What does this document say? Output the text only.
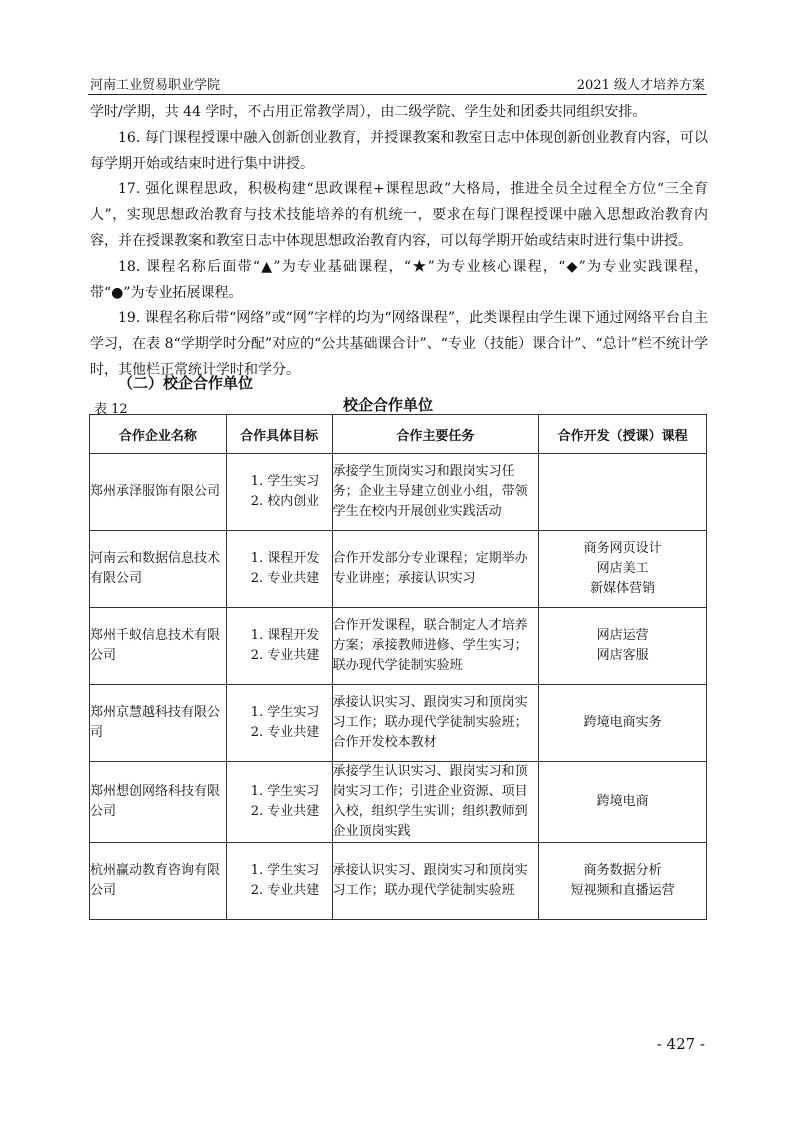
河南工业贸易职业学院	2021 级人才培养方案

学时/学期，共 44 学时，不占用正常教学周），由二级学院、学生处和团委共同组织安排。

16. 每门课程授课中融入创新创业教育，并授课教案和教室日志中体现创新创业教育内容，可以每学期开始或结束时进行集中讲授。

17. 强化课程思政，积极构建“思政课程+课程思政”大格局，推进全员全过程全方位“三全育人”，实现思想政治教育与技术技能培养的有机统一，要求在每门课程授课中融入思想政治教育内容，并在授课教案和教室日志中体现思想政治教育内容，可以每学期开始或结束时进行集中讲授。

18. 课程名称后面带“▲”为专业基础课程，“★”为专业核心课程，“◆”为专业实践课程，带“●”为专业拓展课程。

19. 课程名称后带“网络”或“网”字样的均为“网络课程”，此类课程由学生课下通过网络平台自主学习，在表 8“学期学时分配”对应的“公共基础课合计”、“专业（技能）课合计”、“总计”栏不统计学时，其他栏正常统计学时和学分。

（二）校企合作单位
表 12	校企合作单位
合作企业名称	合作具体目标	合作主要任务	合作开发（授课）课程
郑州承泽服饰有限公司	1. 学生实习
2. 校内创业	承接学生顶岗实习和跟岗实习任务；企业主导建立创业小组，带领学生在校内开展创业实践活动	
河南云和数据信息技术有限公司	1. 课程开发
2. 专业共建	合作开发部分专业课程；定期举办专业讲座；承接认识实习	商务网页设计
网店美工
新媒体营销

郑州千蚁信息技术有限公司	1. 课程开发
2. 专业共建	合作开发课程，联合制定人才培养方案；承接教师进修、学生实习；联办现代学徒制实验班	网店运营
网店客服

郑州京慧越科技有限公司	1. 学生实习
2. 专业共建	承接认识实习、跟岗实习和顶岗实习工作；联办现代学徒制实验班；合作开发校本教材	跨境电商实务

郑州想创网络科技有限公司	1. 学生实习
2. 专业共建	承接学生认识实习、跟岗实习和顶岗实习工作；引进企业资源、项目入校，组织学生实训；组织教师到企业顶岗实践	跨境电商

杭州赢动教育咨询有限公司	1. 学生实习
2. 专业共建	承接认识实习、跟岗实习和顶岗实习工作；联办现代学徒制实验班	商务数据分析
短视频和直播运营
- 427 -
